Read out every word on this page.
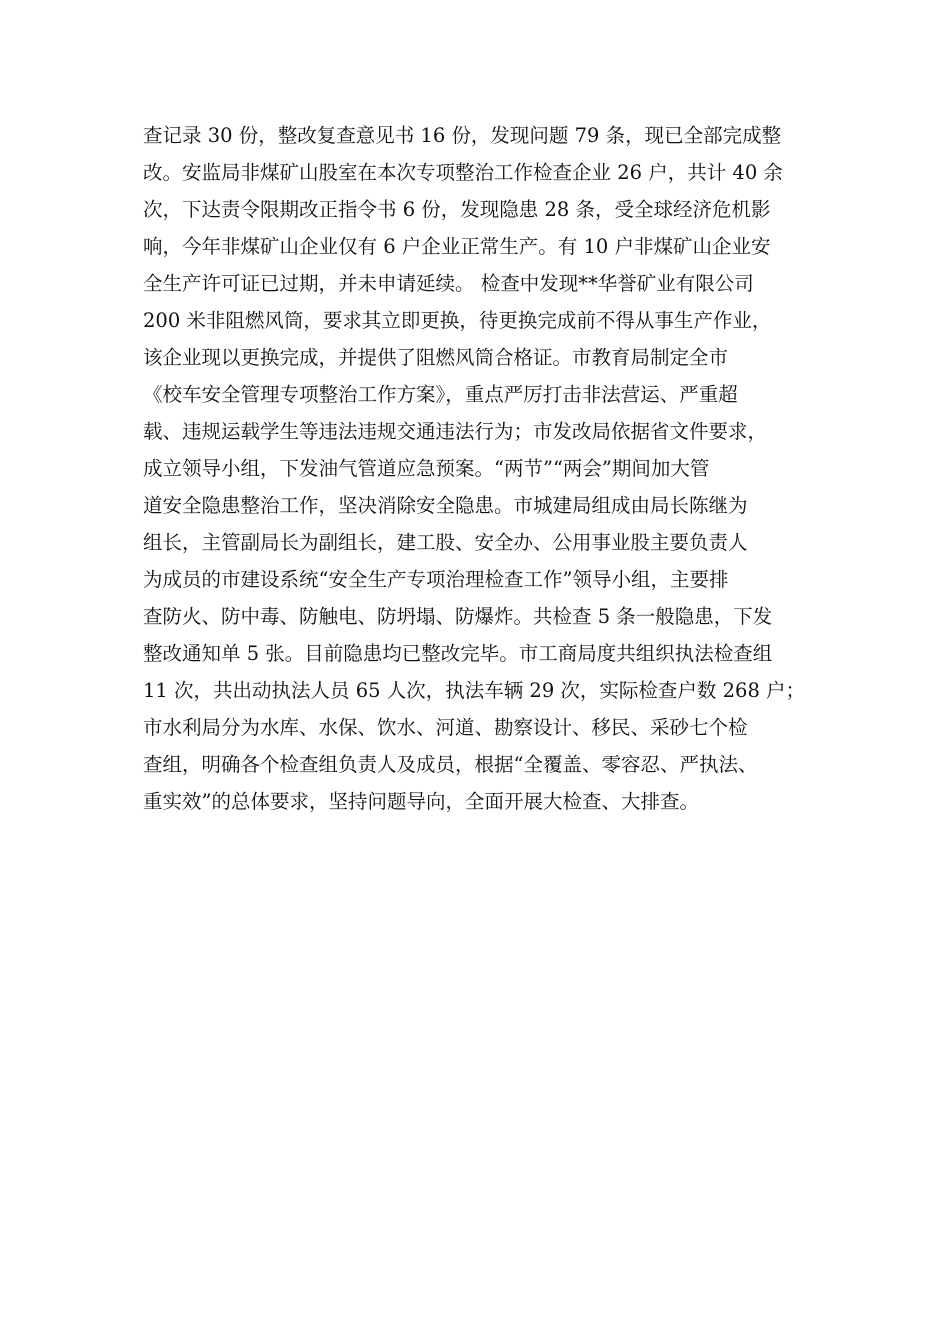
查记录 30 份，整改复查意见书 16 份，发现问题 79 条，现已全部完成整
改。安监局非煤矿山股室在本次专项整治工作检查企业 26 户，共计 40 余
次，下达责令限期改正指令书 6 份，发现隐患 28 条，受全球经济危机影
响，今年非煤矿山企业仅有 6 户企业正常生产。有 10 户非煤矿山企业安
全生产许可证已过期，并未申请延续。 检查中发现**华誉矿业有限公司
200 米非阻燃风筒，要求其立即更换，待更换完成前不得从事生产作业，
该企业现以更换完成，并提供了阻燃风筒合格证。市教育局制定全市
《校车安全管理专项整治工作方案》，重点严厉打击非法营运、严重超
载、违规运载学生等违法违规交通违法行为；市发改局依据省文件要求，
成立领导小组，下发油气管道应急预案。“两节”“两会”期间加大管
道安全隐患整治工作，坚决消除安全隐患。市城建局组成由局长陈继为
组长，主管副局长为副组长，建工股、安全办、公用事业股主要负责人
为成员的市建设系统“安全生产专项治理检查工作”领导小组，主要排
查防火、防中毒、防触电、防坍塌、防爆炸。共检查 5 条一般隐患，下发
整改通知单 5 张。目前隐患均已整改完毕。市工商局度共组织执法检查组
11 次，共出动执法人员 65 人次，执法车辆 29 次，实际检查户数 268 户；
市水利局分为水库、水保、饮水、河道、勘察设计、移民、采砂七个检
查组，明确各个检查组负责人及成员，根据“全覆盖、零容忍、严执法、
重实效”的总体要求，坚持问题导向，全面开展大检查、大排查。
